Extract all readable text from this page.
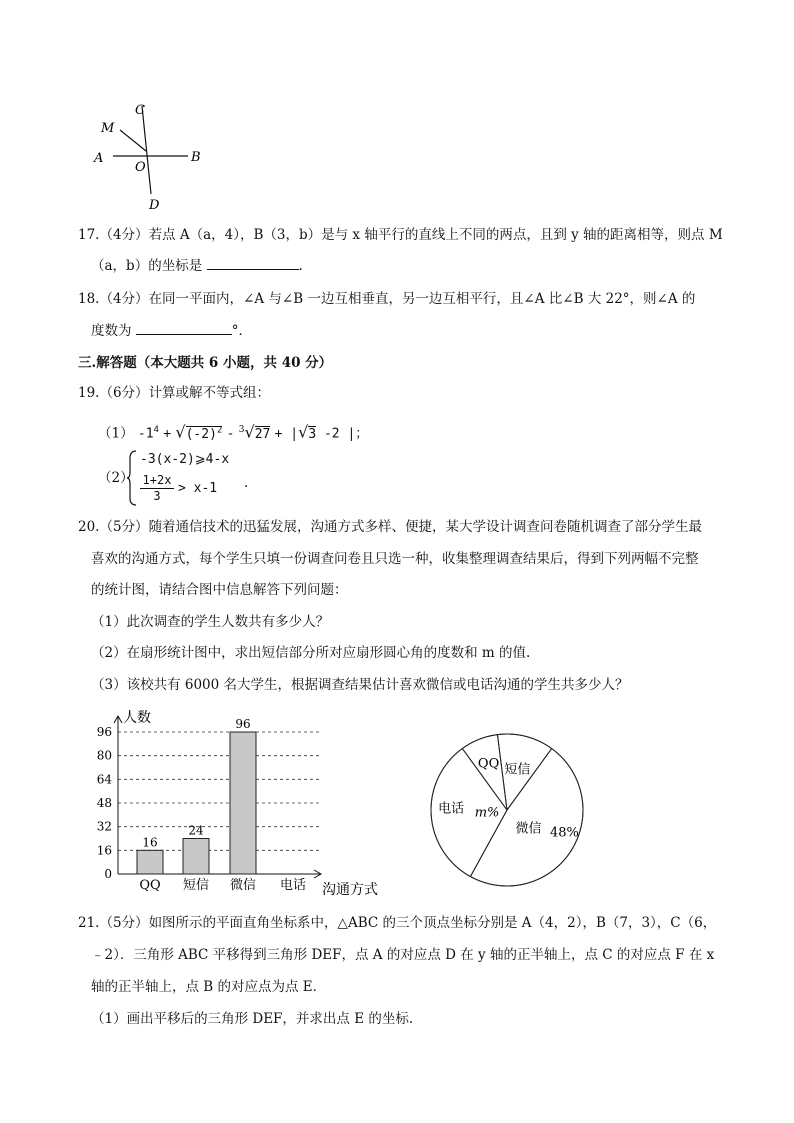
C
M
A
O
B
D
17.（4分）若点 A（a，4），B（3，b）是与 x 轴平行的直线上不同的两点，且到 y 轴的距离相等，则点 M
（a，b）的坐标是	.
18.（4分）在同一平面内，∠A 与∠B 一边互相垂直，另一边互相平行，且∠A 比∠B 大 22°，则∠A 的
度数为	°．
三.解答题（本大题共 6 小题，共 40 分）
19.（6分）计算或解不等式组：
（1） $-1^4 + √(-2)^2 - ^3√27 + |√3$ -2 |；
（2）
-3(x-2)⩾4-x
$\frac{1+2x}{3} > x-1$ .
20.（5分）随着通信技术的迅猛发展，沟通方式多样、便捷，某大学设计调查问卷随机调查了部分学生最
喜欢的沟通方式，每个学生只填一份调查问卷且只选一种，收集整理调查结果后，得到下列两幅不完整
的统计图，请结合图中信息解答下列问题：
（1）此次调查的学生人数共有多少人？
（2）在扇形统计图中，求出短信部分所对应扇形圆心角的度数和 m 的值.
（3）该校共有 6000 名大学生，根据调查结果估计喜欢微信或电话沟通的学生共多少人？
0
16
32
48
64
80
96
人数
沟通方式
16
QQ
24
短信
96
微信 电话
QQ 短信
微信 48%
电话 m%
21.（5分）如图所示的平面直角坐标系中，△ABC 的三个顶点坐标分别是 A（4，2），B（7，3），C（6，
﹣2）．三角形 ABC 平移得到三角形 DEF，点 A 的对应点 D 在 y 轴的正半轴上，点 C 的对应点 F 在 x
轴的正半轴上，点 B 的对应点为点 E．
（1）画出平移后的三角形 DEF，并求出点 E 的坐标.
